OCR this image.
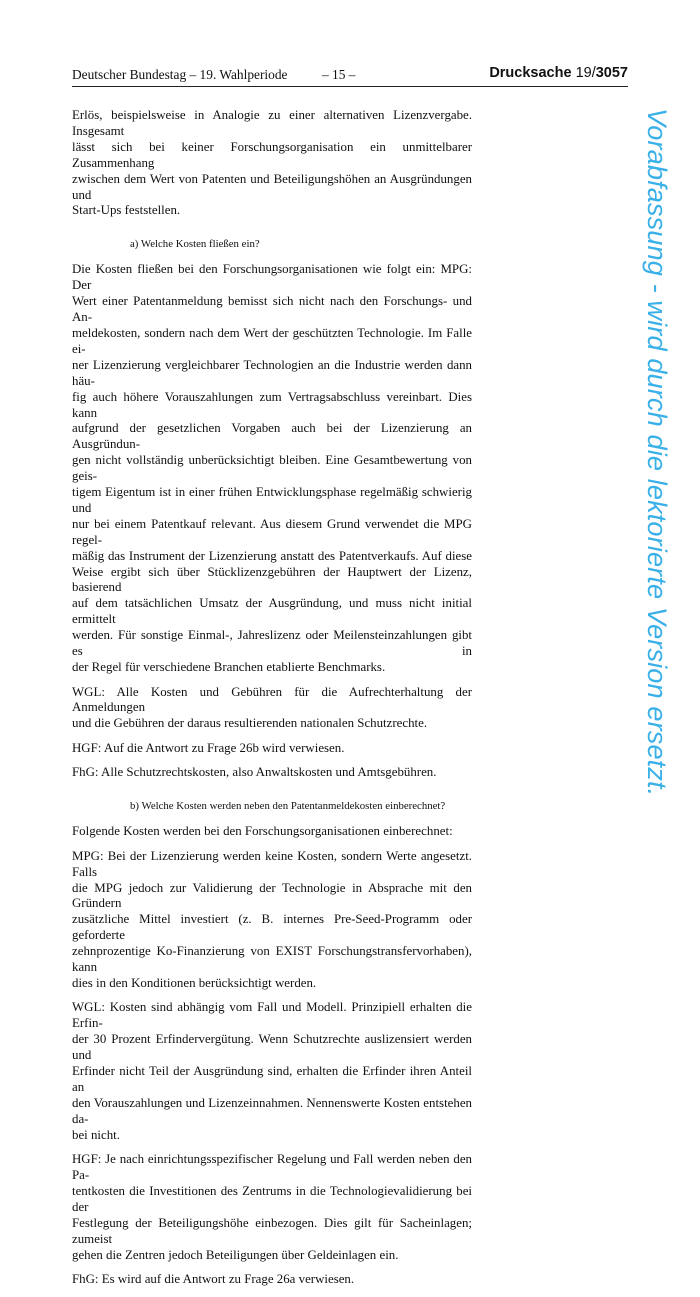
Deutscher Bundestag – 19. Wahlperiode	– 15 –	Drucksache 19/3057

Erlös, beispielsweise in Analogie zu einer alternativen Lizenzvergabe. Insgesamt
lässt sich bei keiner Forschungsorganisation ein unmittelbarer Zusammenhang
zwischen dem Wert von Patenten und Beteiligungshöhen an Ausgründungen und
Start-Ups feststellen.

a) Welche Kosten fließen ein?

Die Kosten fließen bei den Forschungsorganisationen wie folgt ein: MPG: Der
Wert einer Patentanmeldung bemisst sich nicht nach den Forschungs- und An-
meldekosten, sondern nach dem Wert der geschützten Technologie. Im Falle ei-
ner Lizenzierung vergleichbarer Technologien an die Industrie werden dann häu-
fig auch höhere Vorauszahlungen zum Vertragsabschluss vereinbart. Dies kann
aufgrund der gesetzlichen Vorgaben auch bei der Lizenzierung an Ausgründun-
gen nicht vollständig unberücksichtigt bleiben. Eine Gesamtbewertung von geis-
tigem Eigentum ist in einer frühen Entwicklungsphase regelmäßig schwierig und
nur bei einem Patentkauf relevant. Aus diesem Grund verwendet die MPG regel-
mäßig das Instrument der Lizenzierung anstatt des Patentverkaufs. Auf diese
Weise ergibt sich über Stücklizenzgebühren der Hauptwert der Lizenz, basierend
auf dem tatsächlichen Umsatz der Ausgründung, und muss nicht initial ermittelt
werden. Für sonstige Einmal-, Jahreslizenz oder Meilensteinzahlungen gibt es in
der Regel für verschiedene Branchen etablierte Benchmarks.

WGL: Alle Kosten und Gebühren für die Aufrechterhaltung der Anmeldungen
und die Gebühren der daraus resultierenden nationalen Schutzrechte.

HGF: Auf die Antwort zu Frage 26b wird verwiesen.

FhG: Alle Schutzrechtskosten, also Anwaltskosten und Amtsgebühren.

b) Welche Kosten werden neben den Patentanmeldekosten einberechnet?

Folgende Kosten werden bei den Forschungsorganisationen einberechnet:

MPG: Bei der Lizenzierung werden keine Kosten, sondern Werte angesetzt. Falls
die MPG jedoch zur Validierung der Technologie in Absprache mit den Gründern
zusätzliche Mittel investiert (z. B. internes Pre-Seed-Programm oder geforderte
zehnprozentige Ko-Finanzierung von EXIST Forschungstransfervorhaben), kann
dies in den Konditionen berücksichtigt werden.

WGL: Kosten sind abhängig vom Fall und Modell. Prinzipiell erhalten die Erfin-
der 30 Prozent Erfindervergütung. Wenn Schutzrechte auslizensiert werden und
Erfinder nicht Teil der Ausgründung sind, erhalten die Erfinder ihren Anteil an
den Vorauszahlungen und Lizenzeinnahmen. Nennenswerte Kosten entstehen da-
bei nicht.

HGF: Je nach einrichtungsspezifischer Regelung und Fall werden neben den Pa-
tentkosten die Investitionen des Zentrums in die Technologievalidierung bei der
Festlegung der Beteiligungshöhe einbezogen. Dies gilt für Sacheinlagen; zumeist
gehen die Zentren jedoch Beteiligungen über Geldeinlagen ein.

FhG: Es wird auf die Antwort zu Frage 26a verwiesen.

Vorabfassung - wird durch die lektorierte Version ersetzt.
